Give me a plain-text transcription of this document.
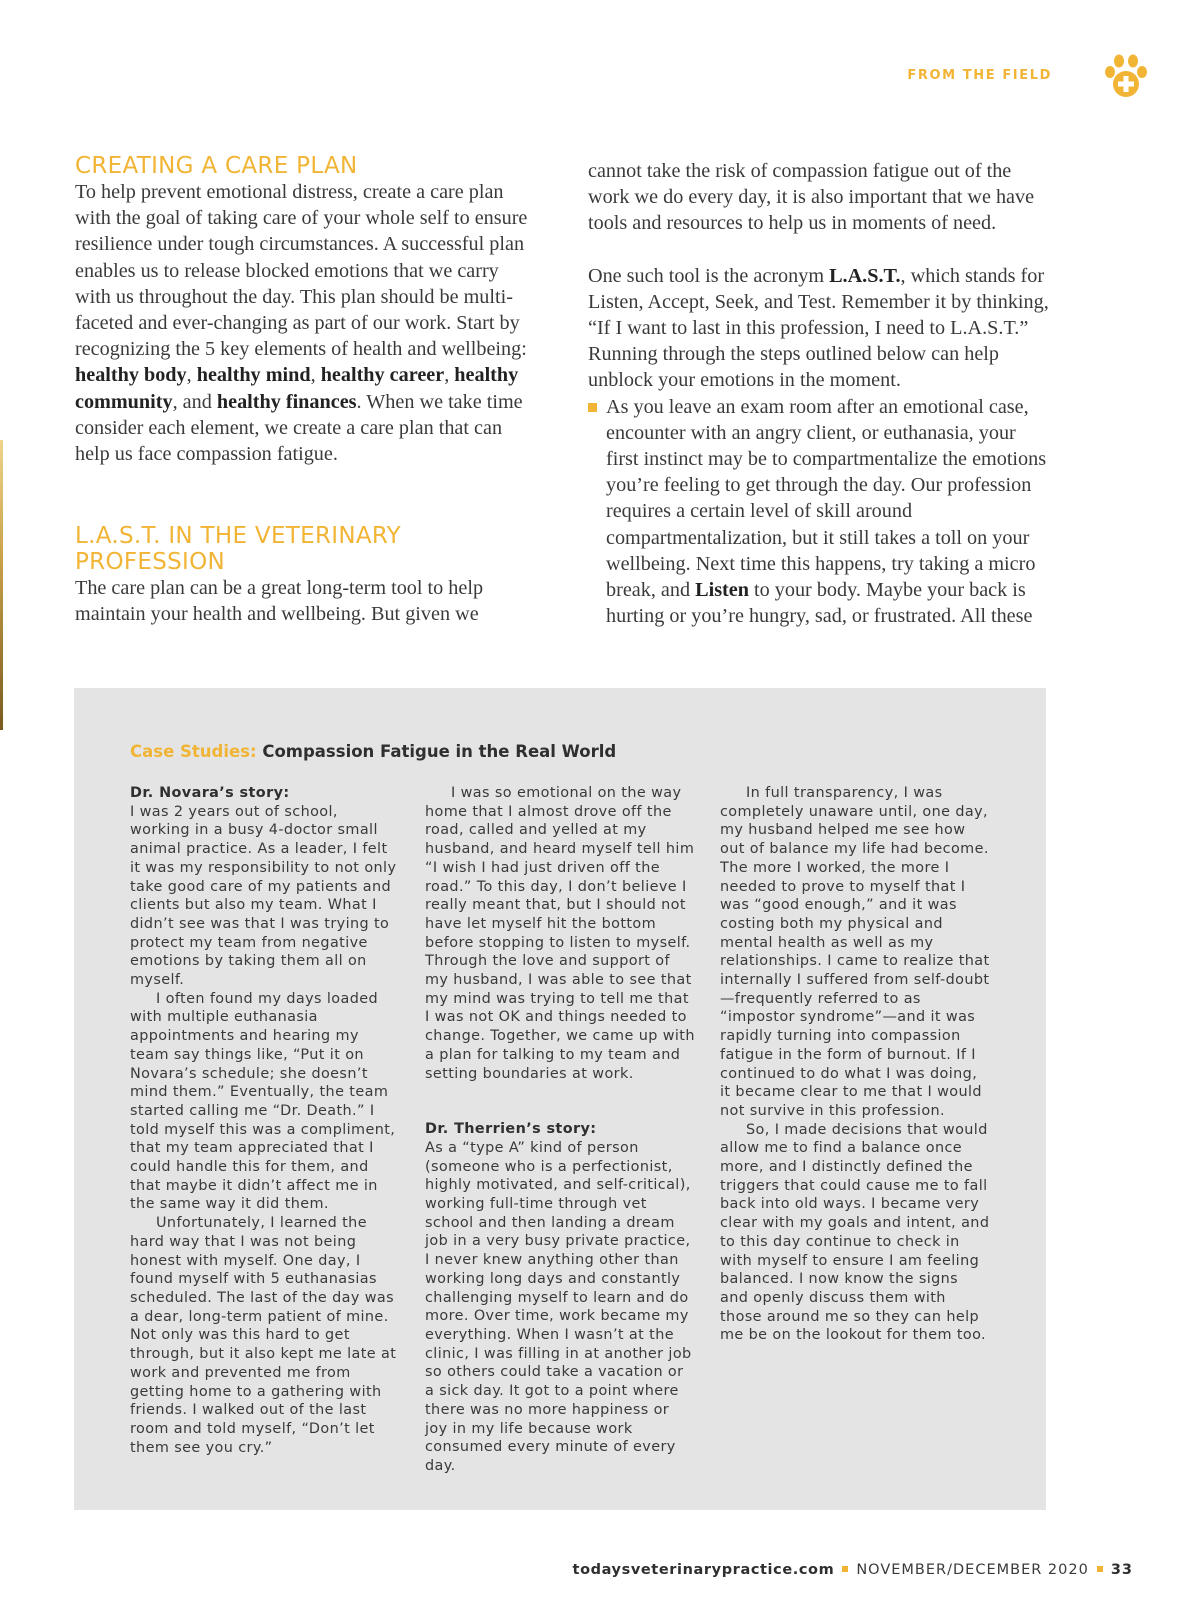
FROM THE FIELD
CREATING A CARE PLAN

To help prevent emotional distress, create a care plan with the goal of taking care of your whole self to ensure resilience under tough circumstances. A successful plan enables us to release blocked emotions that we carry with us throughout the day. This plan should be multi-faceted and ever-changing as part of our work. Start by recognizing the 5 key elements of health and wellbeing: healthy body, healthy mind, healthy career, healthy community, and healthy finances. When we take time consider each element, we create a care plan that can help us face compassion fatigue.

L.A.S.T. IN THE VETERINARY PROFESSION

The care plan can be a great long-term tool to help maintain your health and wellbeing. But given we

cannot take the risk of compassion fatigue out of the work we do every day, it is also important that we have tools and resources to help us in moments of need.

One such tool is the acronym L.A.S.T., which stands for Listen, Accept, Seek, and Test. Remember it by thinking, “If I want to last in this profession, I need to L.A.S.T.” Running through the steps outlined below can help unblock your emotions in the moment.

As you leave an exam room after an emotional case, encounter with an angry client, or euthanasia, your first instinct may be to compartmentalize the emotions you’re feeling to get through the day. Our profession requires a certain level of skill around compartmentalization, but it still takes a toll on your wellbeing. Next time this happens, try taking a micro break, and Listen to your body. Maybe your back is hurting or you’re hungry, sad, or frustrated. All these

Case Studies: Compassion Fatigue in the Real World

Dr. Novara’s story:

I was 2 years out of school, working in a busy 4-doctor small animal practice. As a leader, I felt it was my responsibility to not only take good care of my patients and clients but also my team. What I didn’t see was that I was trying to protect my team from negative emotions by taking them all on myself.

I often found my days loaded with multiple euthanasia appointments and hearing my team say things like, “Put it on Novara’s schedule; she doesn’t mind them.” Eventually, the team started calling me “Dr. Death.” I told myself this was a compliment, that my team appreciated that I could handle this for them, and that maybe it didn’t affect me in the same way it did them.

Unfortunately, I learned the hard way that I was not being honest with myself. One day, I found myself with 5 euthanasias scheduled. The last of the day was a dear, long-term patient of mine. Not only was this hard to get through, but it also kept me late at work and prevented me from getting home to a gathering with friends. I walked out of the last room and told myself, “Don’t let them see you cry.”

I was so emotional on the way home that I almost drove off the road, called and yelled at my husband, and heard myself tell him “I wish I had just driven off the road.” To this day, I don’t believe I really meant that, but I should not have let myself hit the bottom before stopping to listen to myself. Through the love and support of my husband, I was able to see that my mind was trying to tell me that I was not OK and things needed to change. Together, we came up with a plan for talking to my team and setting boundaries at work.

Dr. Therrien’s story:

As a “type A” kind of person (someone who is a perfectionist, highly motivated, and self-critical), working full-time through vet school and then landing a dream job in a very busy private practice, I never knew anything other than working long days and constantly challenging myself to learn and do more. Over time, work became my everything. When I wasn’t at the clinic, I was filling in at another job so others could take a vacation or a sick day. It got to a point where there was no more happiness or joy in my life because work consumed every minute of every day.

In full transparency, I was completely unaware until, one day, my husband helped me see how out of balance my life had become. The more I worked, the more I needed to prove to myself that I was “good enough,” and it was costing both my physical and mental health as well as my relationships. I came to realize that internally I suffered from self-doubt—frequently referred to as “impostor syndrome”—and it was rapidly turning into compassion fatigue in the form of burnout. If I continued to do what I was doing, it became clear to me that I would not survive in this profession.

So, I made decisions that would allow me to find a balance once more, and I distinctly defined the triggers that could cause me to fall back into old ways. I became very clear with my goals and intent, and to this day continue to check in with myself to ensure I am feeling balanced. I now know the signs and openly discuss them with those around me so they can help me be on the lookout for them too.

todaysveterinarypractice.com NOVEMBER/DECEMBER 2020 33
